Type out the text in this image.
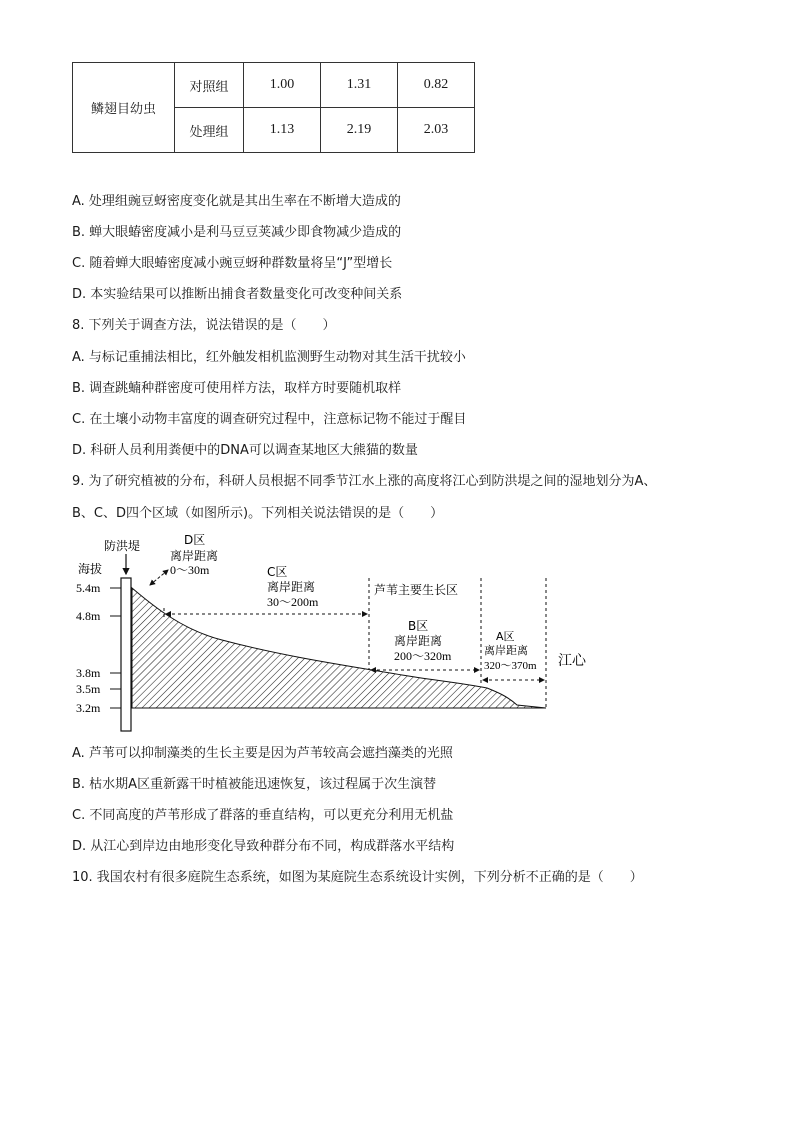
鳞翅目幼虫	对照组	1.00	1.31	0.82
	处理组	1.13	2.19	2.03
A. 处理组豌豆蚜密度变化就是其出生率在不断增大造成的
B. 蝉大眼蝽密度减小是利马豆豆荚减少即食物减少造成的
C. 随着蝉大眼蝽密度减小豌豆蚜种群数量将呈“J”型增长
D. 本实验结果可以推断出捕食者数量变化可改变种间关系
8. 下列关于调查方法，说法错误的是（　　）
A. 与标记重捕法相比，红外触发相机监测野生动物对其生活干扰较小
B. 调查跳蝻种群密度可使用样方法，取样方时要随机取样
C. 在土壤小动物丰富度的调查研究过程中，注意标记物不能过于醒目
D. 科研人员利用粪便中的DNA可以调查某地区大熊猫的数量
9. 为了研究植被的分布，科研人员根据不同季节江水上涨的高度将江心到防洪堤之间的湿地划分为A、
B、C、D四个区域（如图所示)。下列相关说法错误的是（　　）
防洪堤
海拔
5.4m
4.8m
3.8m
3.5m
3.2m
D区
离岸距离
0～30m	C区
离岸距离
30～200m
芦苇主要生长区
B区
离岸距离
200～320m
A区
离岸距离
320～370m 江心
A. 芦苇可以抑制藻类的生长主要是因为芦苇较高会遮挡藻类的光照
B. 枯水期A区重新露干时植被能迅速恢复，该过程属于次生演替
C. 不同高度的芦苇形成了群落的垂直结构，可以更充分利用无机盐
D. 从江心到岸边由地形变化导致种群分布不同，构成群落水平结构
10. 我国农村有很多庭院生态系统，如图为某庭院生态系统设计实例，下列分析不正确的是（　　）
